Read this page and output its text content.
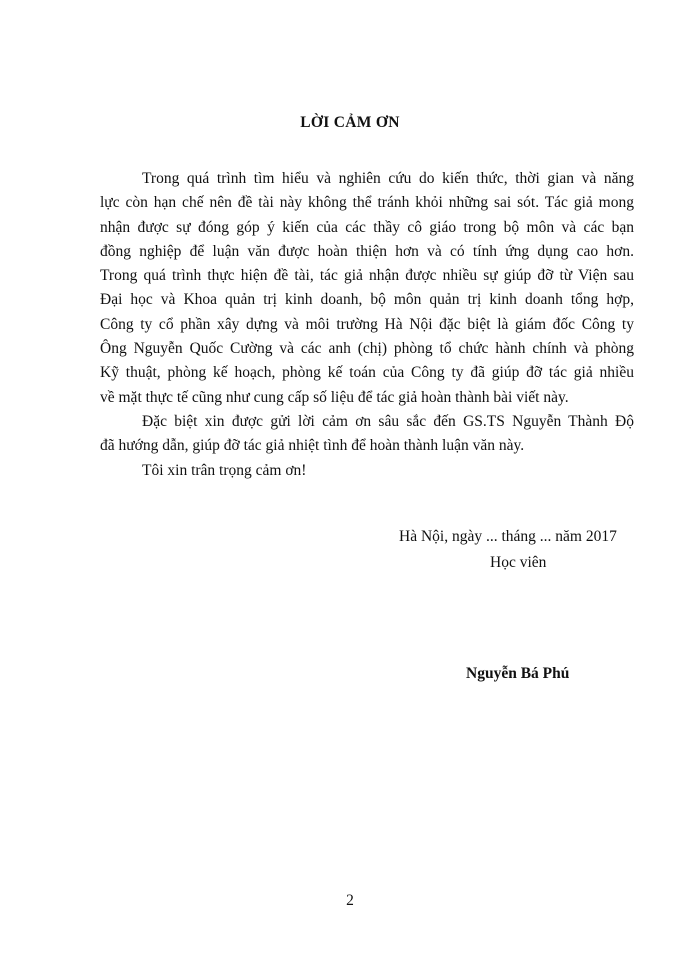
LỜI CẢM ƠN
Trong quá trình tìm hiểu và nghiên cứu do kiến thức, thời gian và năng
lực còn hạn chế nên đề tài này không thể tránh khỏi những sai sót. Tác giả mong
nhận được sự đóng góp ý kiến của các thầy cô giáo trong bộ môn và các bạn
đồng nghiệp để luận văn được hoàn thiện hơn và có tính ứng dụng cao hơn.
Trong quá trình thực hiện đề tài, tác giả nhận được nhiều sự giúp đỡ từ Viện sau
Đại học và Khoa quản trị kinh doanh, bộ môn quản trị kinh doanh tổng hợp,
Công ty cổ phần xây dựng và môi trường Hà Nội đặc biệt là giám đốc Công ty
Ông Nguyễn Quốc Cường và các anh (chị) phòng tổ chức hành chính và phòng
Kỹ thuật, phòng kế hoạch, phòng kế toán của Công ty đã giúp đỡ tác giả nhiều
về mặt thực tế cũng như cung cấp số liệu để tác giả hoàn thành bài viết này.
Đặc biệt xin được gửi lời cảm ơn sâu sắc đến GS.TS Nguyễn Thành Độ
đã hướng dẫn, giúp đỡ tác giả nhiệt tình để hoàn thành luận văn này.
Tôi xin trân trọng cảm ơn!
Hà Nội, ngày ... tháng ... năm 2017
Học viên
Nguyễn Bá Phú
2
